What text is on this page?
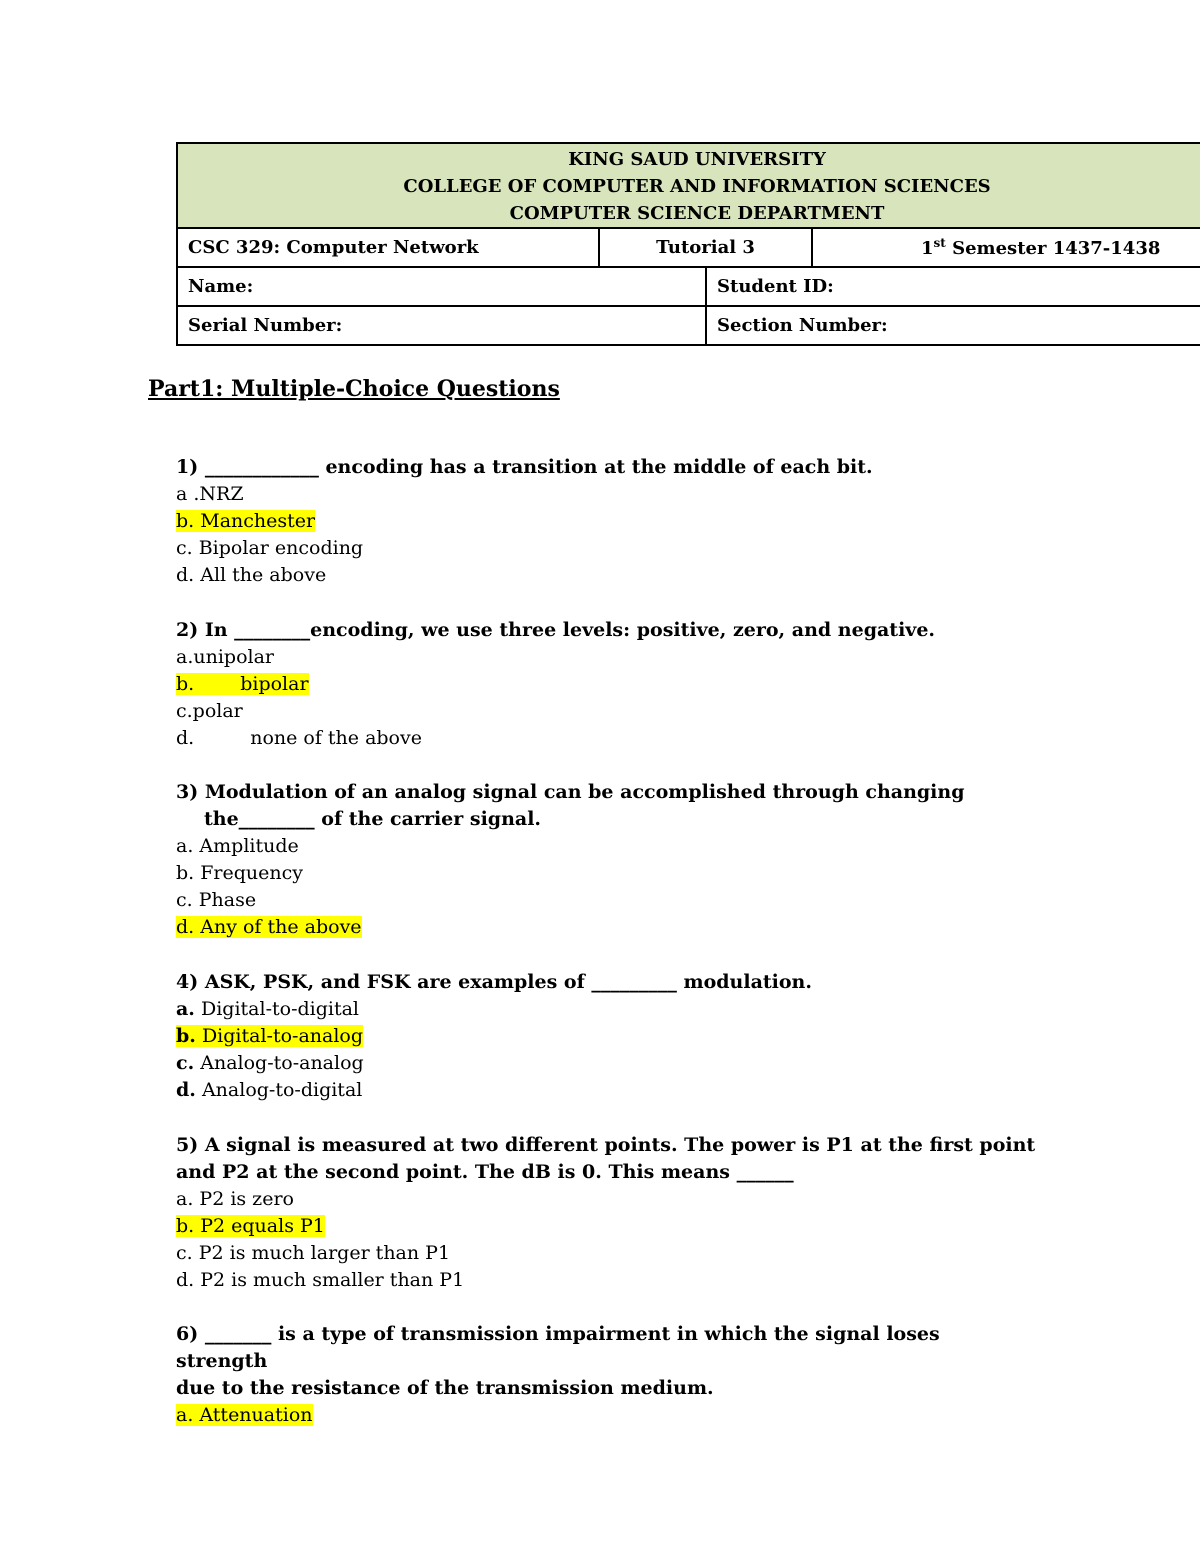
KING SAUD UNIVERSITY
COLLEGE OF COMPUTER AND INFORMATION SCIENCES
COMPUTER SCIENCE DEPARTMENT			

CSC 329: Computer Network	Tutorial 3		1st Semester 1437-1438
Name:		Student ID:	
Serial Number:		Section Number:	
Part1: Multiple-Choice Questions
1) ____________ encoding has a transition at the middle of each bit.
a .NRZ
b. Manchester
c. Bipolar encoding
d. All the above
2) In ________encoding, we use three levels: positive, zero, and negative.
a.unipolar
b. bipolar
c.polar
d.	none of the above
3) Modulation of an analog signal can be accomplished through changing
the________ of the carrier signal.
a. Amplitude
b. Frequency
c. Phase
d. Any of the above
4) ASK, PSK, and FSK are examples of _________ modulation.
a. Digital-to-digital
b. Digital-to-analog
c. Analog-to-analog
d. Analog-to-digital
5) A signal is measured at two different points. The power is P1 at the first point
and P2 at the second point. The dB is 0. This means ______
a. P2 is zero
b. P2 equals P1
c. P2 is much larger than P1
d. P2 is much smaller than P1
6) _______ is a type of transmission impairment in which the signal loses strength
due to the resistance of the transmission medium.
a. Attenuation
